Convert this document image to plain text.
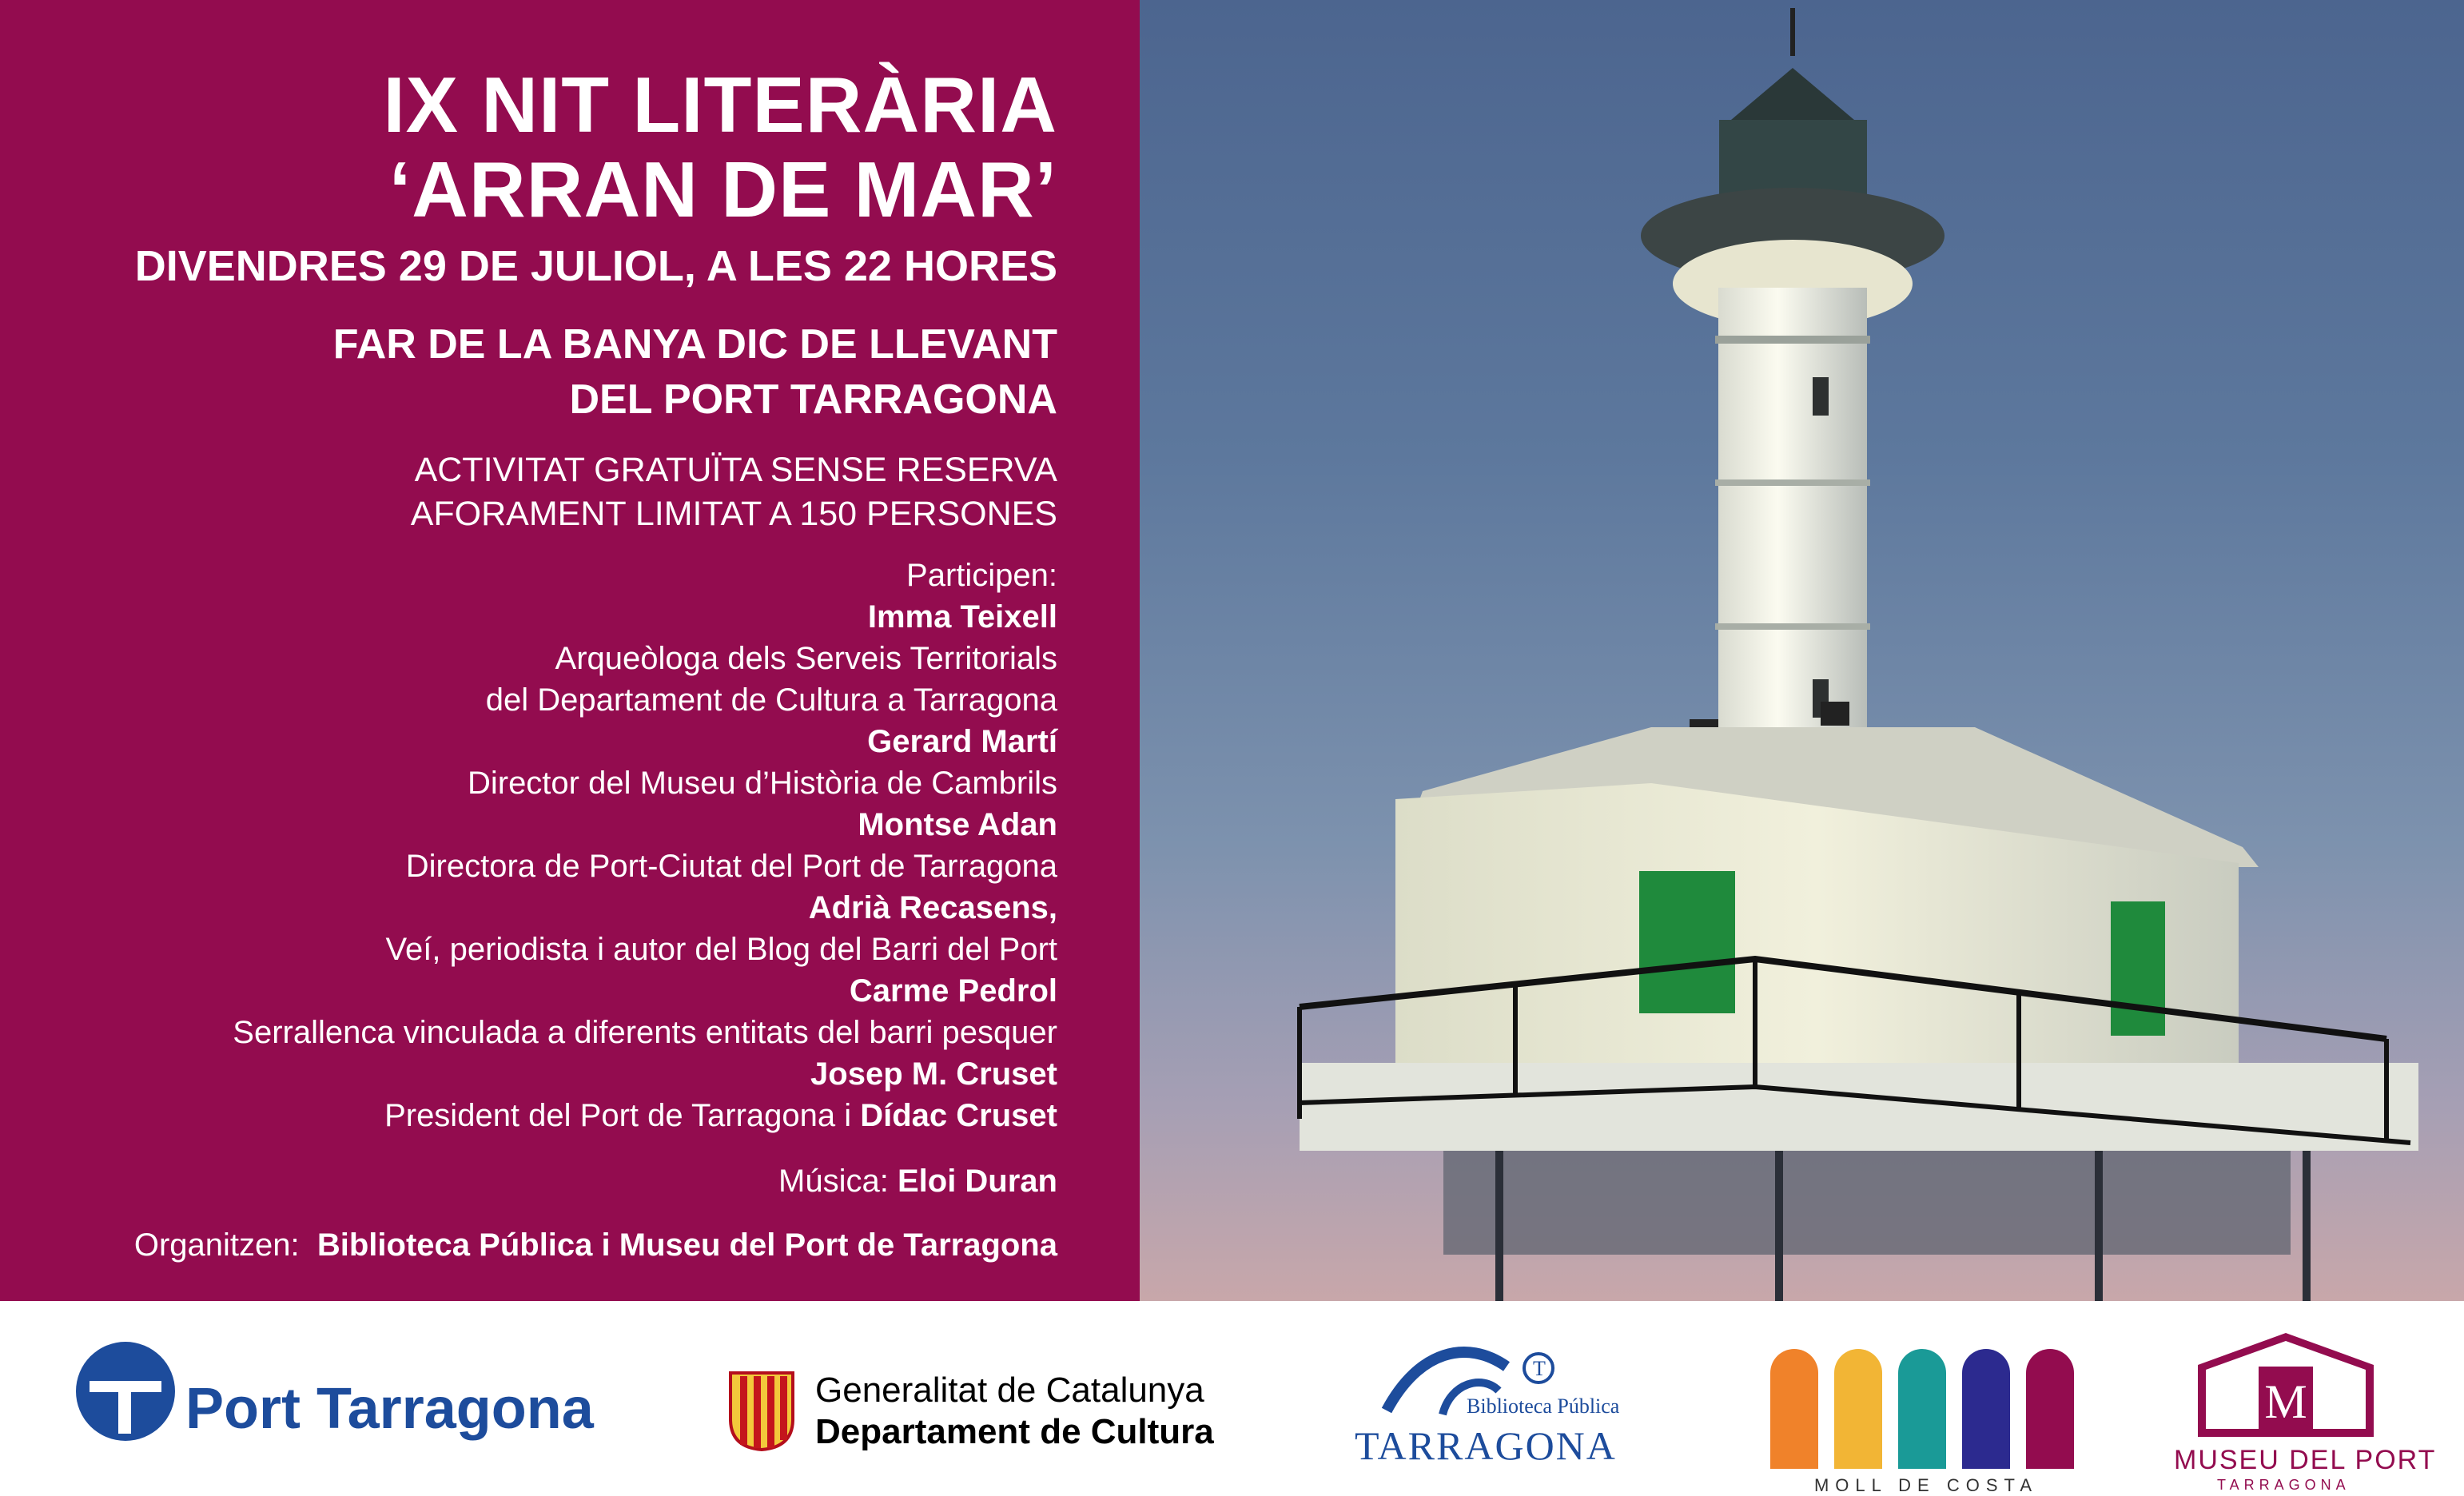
IX NIT LITERÀRIA
‘ARRAN DE MAR’
DIVENDRES 29 DE JULIOL, A LES 22 HORES
FAR DE LA BANYA DIC DE LLEVANT
DEL PORT TARRAGONA
ACTIVITAT GRATUÏTA SENSE RESERVA
AFORAMENT LIMITAT A 150 PERSONES
Participen:
Imma Teixell
Arqueòloga dels Serveis Territorials
del Departament de Cultura a Tarragona
Gerard Martí
Director del Museu d’Història de Cambrils
Montse Adan
Directora de Port-Ciutat del Port de Tarragona
Adrià Recasens,
Veí, periodista i autor del Blog del Barri del Port
Carme Pedrol
Serrallenca vinculada a diferents entitats del barri pesquer
Josep M. Cruset
President del Port de Tarragona i Dídac Cruset
Música: Eloi Duran
Organitzen:  Biblioteca Pública i Museu del Port de Tarragona
Port Tarragona	Generalitat de Catalunya
Departament de Cultura
T
Biblioteca Pública
TARRAGONA
MOLL DE COSTA
M
MUSEU DEL PORT
TARRAGONA
